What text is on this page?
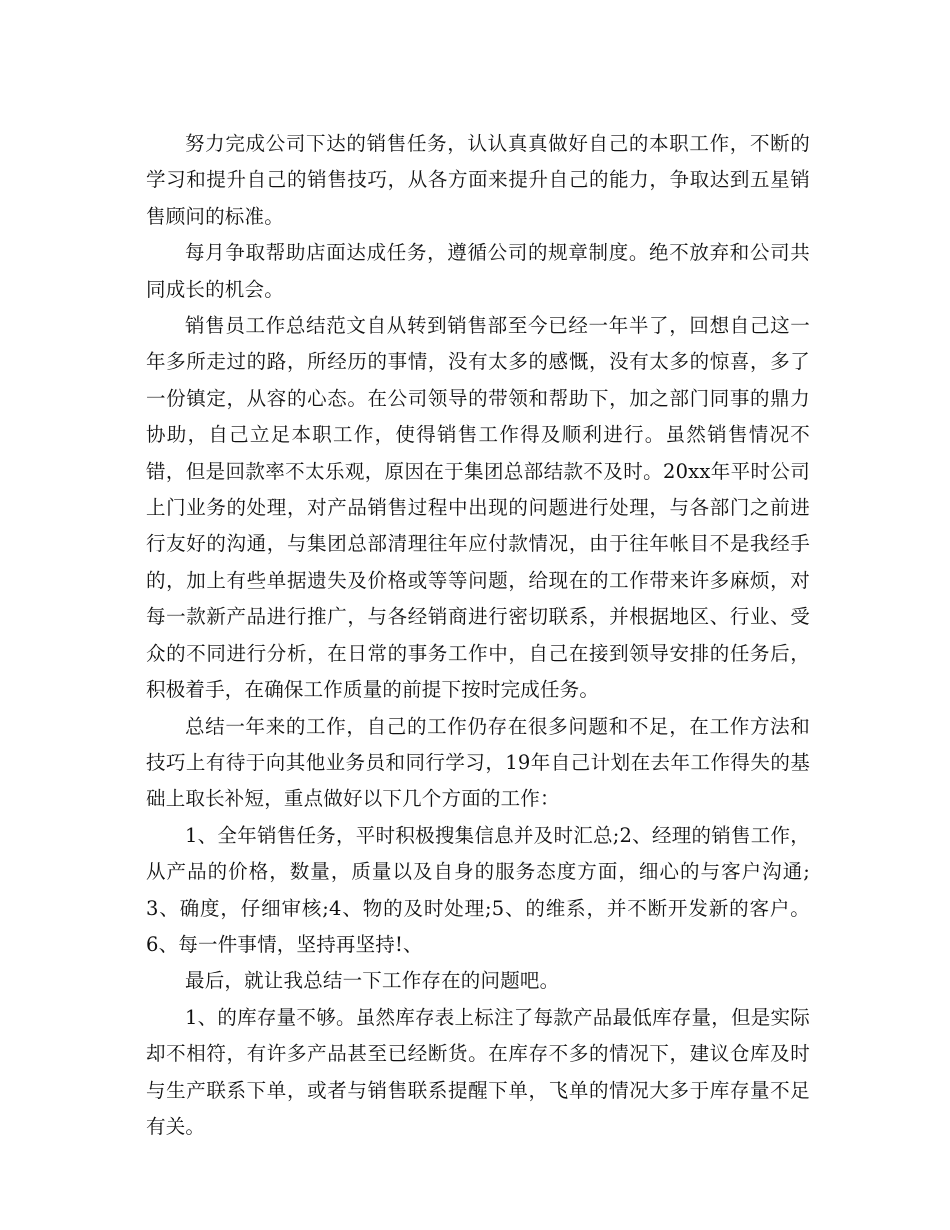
努力完成公司下达的销售任务，认认真真做好自己的本职工作，不断的学习和提升自己的销售技巧，从各方面来提升自己的能力，争取达到五星销售顾问的标准。

每月争取帮助店面达成任务，遵循公司的规章制度。绝不放弃和公司共同成长的机会。

销售员工作总结范文自从转到销售部至今已经一年半了，回想自己这一年多所走过的路，所经历的事情，没有太多的感慨，没有太多的惊喜，多了一份镇定，从容的心态。在公司领导的带领和帮助下，加之部门同事的鼎力协助，自己立足本职工作，使得销售工作得及顺利进行。虽然销售情况不错，但是回款率不太乐观，原因在于集团总部结款不及时。20xx年平时公司上门业务的处理，对产品销售过程中出现的问题进行处理，与各部门之前进行友好的沟通，与集团总部清理往年应付款情况，由于往年帐目不是我经手的，加上有些单据遗失及价格或等等问题，给现在的工作带来许多麻烦，对每一款新产品进行推广，与各经销商进行密切联系，并根据地区、行业、受众的不同进行分析，在日常的事务工作中，自己在接到领导安排的任务后，积极着手，在确保工作质量的前提下按时完成任务。

总结一年来的工作，自己的工作仍存在很多问题和不足，在工作方法和技巧上有待于向其他业务员和同行学习，19年自己计划在去年工作得失的基础上取长补短，重点做好以下几个方面的工作：

1、全年销售任务，平时积极搜集信息并及时汇总;2、经理的销售工作，从产品的价格，数量，质量以及自身的服务态度方面，细心的与客户沟通;3、确度，仔细审核;4、物的及时处理;5、的维系，并不断开发新的客户。6、每一件事情，坚持再坚持!、

最后，就让我总结一下工作存在的问题吧。

1、的库存量不够。虽然库存表上标注了每款产品最低库存量，但是实际却不相符，有许多产品甚至已经断货。在库存不多的情况下，建议仓库及时与生产联系下单，或者与销售联系提醒下单，飞单的情况大多于库存量不足有关。
